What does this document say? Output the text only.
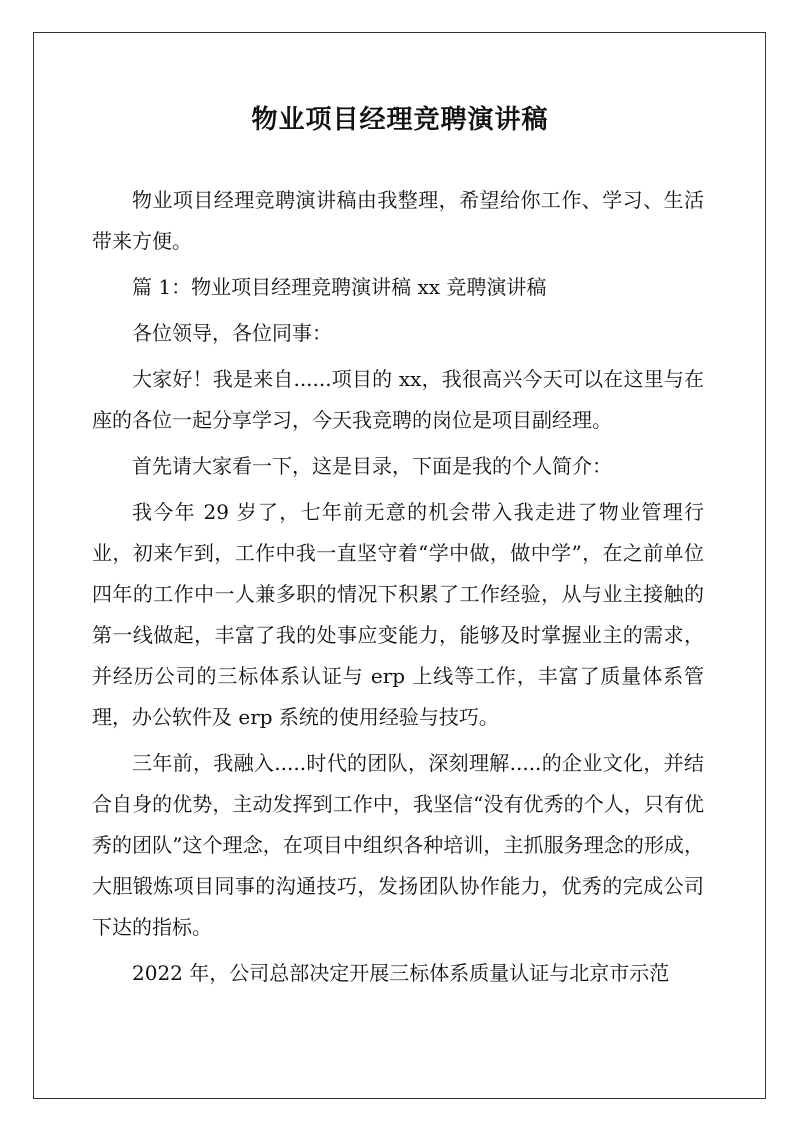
物业项目经理竞聘演讲稿

物业项目经理竞聘演讲稿由我整理，希望给你工作、学习、生活带来方便。

篇 1：物业项目经理竞聘演讲稿 xx 竞聘演讲稿

各位领导，各位同事：

大家好！我是来自......项目的 xx，我很高兴今天可以在这里与在座的各位一起分享学习，今天我竞聘的岗位是项目副经理。

首先请大家看一下，这是目录，下面是我的个人简介：

我今年 29 岁了，七年前无意的机会带入我走进了物业管理行业，初来乍到，工作中我一直坚守着“学中做，做中学”，在之前单位四年的工作中一人兼多职的情况下积累了工作经验，从与业主接触的第一线做起，丰富了我的处事应变能力，能够及时掌握业主的需求，并经历公司的三标体系认证与 erp 上线等工作，丰富了质量体系管理，办公软件及 erp 系统的使用经验与技巧。

三年前，我融入.....时代的团队，深刻理解.....的企业文化，并结合自身的优势，主动发挥到工作中，我坚信“没有优秀的个人，只有优秀的团队”这个理念，在项目中组织各种培训，主抓服务理念的形成，大胆锻炼项目同事的沟通技巧，发扬团队协作能力，优秀的完成公司下达的指标。

2022 年，公司总部决定开展三标体系质量认证与北京市示范
